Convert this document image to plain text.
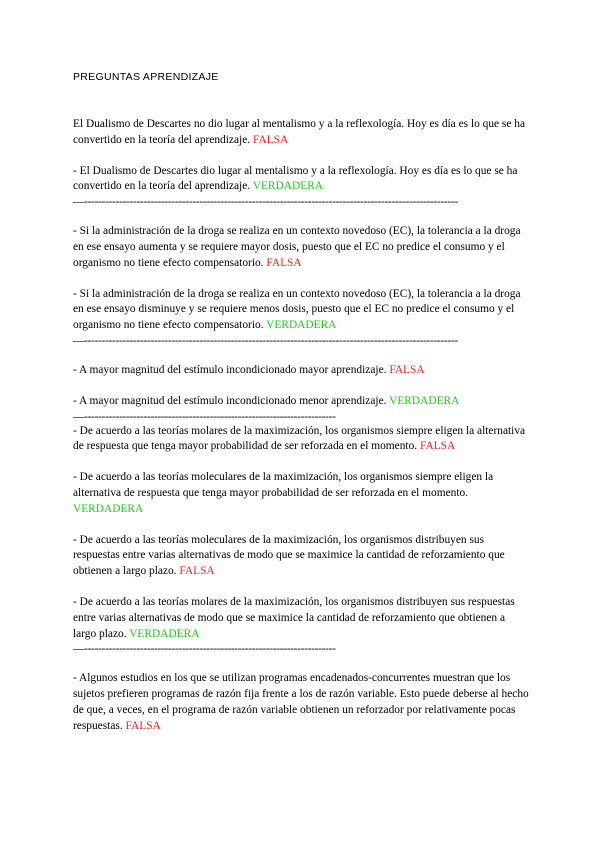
PREGUNTAS APRENDIZAJE

El Dualismo de Descartes no dio lugar al mentalismo y a la reflexología. Hoy es día es lo que se ha convertido en la teoría del aprendizaje. FALSA

- El Dualismo de Descartes dio lugar al mentalismo y a la reflexología. Hoy es día es lo que se ha convertido en la teoría del aprendizaje. VERDADERA

—-----------------------------------------------------------------------------------------------------------

- Si la administración de la droga se realiza en un contexto novedoso (EC), la tolerancia a la droga en ese ensayo aumenta y se requiere mayor dosis, puesto que el EC no predice el consumo y el organismo no tiene efecto compensatorio. FALSA

- Si la administración de la droga se realiza en un contexto novedoso (EC), la tolerancia a la droga en ese ensayo disminuye y se requiere menos dosis, puesto que el EC no predice el consumo y el organismo no tiene efecto compensatorio. VERDADERA

—-----------------------------------------------------------------------------------------------------------

- A mayor magnitud del estímulo incondicionado mayor aprendizaje. FALSA

- A mayor magnitud del estímulo incondicionado menor aprendizaje. VERDADERA

—------------------------------------------------------------------------

- De acuerdo a las teorías molares de la maximización, los organismos siempre eligen la alternativa de respuesta que tenga mayor probabilidad de ser reforzada en el momento. FALSA

- De acuerdo a las teorías moleculares de la maximización, los organismos siempre eligen la alternativa de respuesta que tenga mayor probabilidad de ser reforzada en el momento. VERDADERA

- De acuerdo a las teorías moleculares de la maximización, los organismos distribuyen sus respuestas entre varias alternativas de modo que se maximice la cantidad de reforzamiento que obtienen a largo plazo. FALSA

- De acuerdo a las teorías molares de la maximización, los organismos distribuyen sus respuestas entre varias alternativas de modo que se maximice la cantidad de reforzamiento que obtienen a largo plazo. VERDADERA

—------------------------------------------------------------------------

- Algunos estudios en los que se utilizan programas encadenados-concurrentes muestran que los sujetos prefieren programas de razón fija frente a los de razón variable. Esto puede deberse al hecho de que, a veces, en el programa de razón variable obtienen un reforzador por relativamente pocas respuestas. FALSA
